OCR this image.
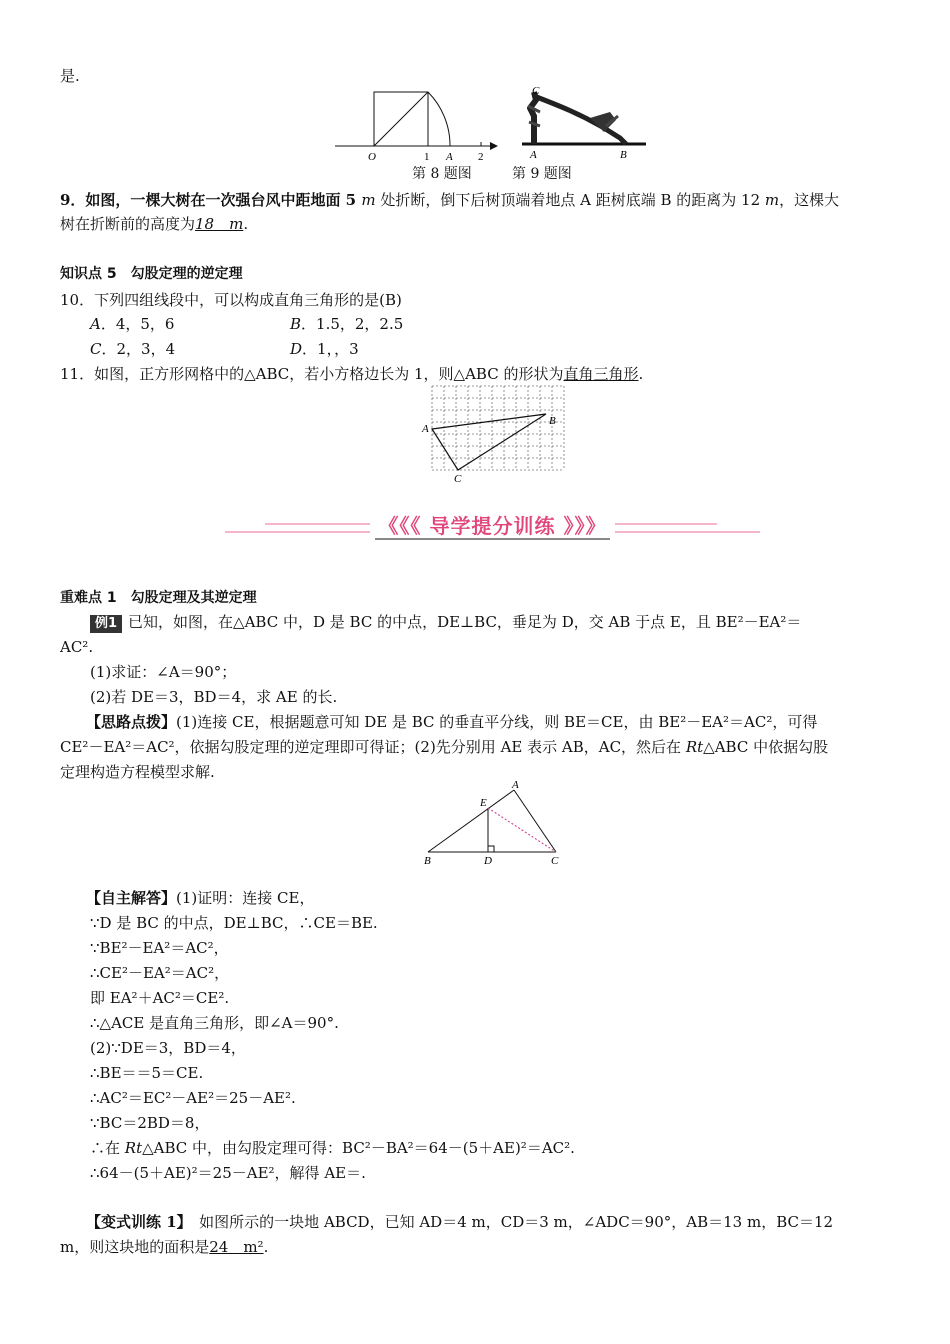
是.
O	1 A 2
第 8 题图
C
A	B
第 9 题图
9．如图，一棵大树在一次强台风中距地面 5 m 处折断，倒下后树顶端着地点 A 距树底端 B 的距离为 12 m，这棵大
树在折断前的高度为18　m.
知识点 5　勾股定理的逆定理
10．下列四组线段中，可以构成直角三角形的是(B)
A．4，5，6	B．1.5，2，2.5
C．2，3，4	D．1，，3
11．如图，正方形网格中的△ABC，若小方格边长为 1，则△ABC 的形状为直角三角形.
A
B
C
《《《 导学提分训练 》》》
重难点 1　勾股定理及其逆定理
例1 已知，如图，在△ABC 中，D 是 BC 的中点，DE⊥BC，垂足为 D，交 AB 于点 E，且 BE²－EA²＝
AC².
(1)求证：∠A＝90°；
(2)若 DE＝3，BD＝4，求 AE 的长.
【思路点拨】(1)连接 CE，根据题意可知 DE 是 BC 的垂直平分线，则 BE＝CE，由 BE²－EA²＝AC²，可得
CE²－EA²＝AC²，依据勾股定理的逆定理即可得证；(2)先分别用 AE 表示 AB，AC，然后在 Rt△ABC 中依据勾股
定理构造方程模型求解.
E
A
B	D	C
【自主解答】(1)证明：连接 CE，
∵D 是 BC 的中点，DE⊥BC，∴CE＝BE.
∵BE²－EA²＝AC²，
∴CE²－EA²＝AC²，
即 EA²＋AC²＝CE².
∴△ACE 是直角三角形，即∠A＝90°.
(2)∵DE＝3，BD＝4，
∴BE＝＝5＝CE.
∴AC²＝EC²－AE²＝25－AE².
∵BC＝2BD＝8，
∴在 Rt△ABC 中，由勾股定理可得：BC²－BA²＝64－(5＋AE)²＝AC².
∴64－(5＋AE)²＝25－AE²，解得 AE＝.
【变式训练 1】　如图所示的一块地 ABCD，已知 AD＝4 m，CD＝3 m，∠ADC＝90°，AB＝13 m，BC＝12
m，则这块地的面积是24　m².
